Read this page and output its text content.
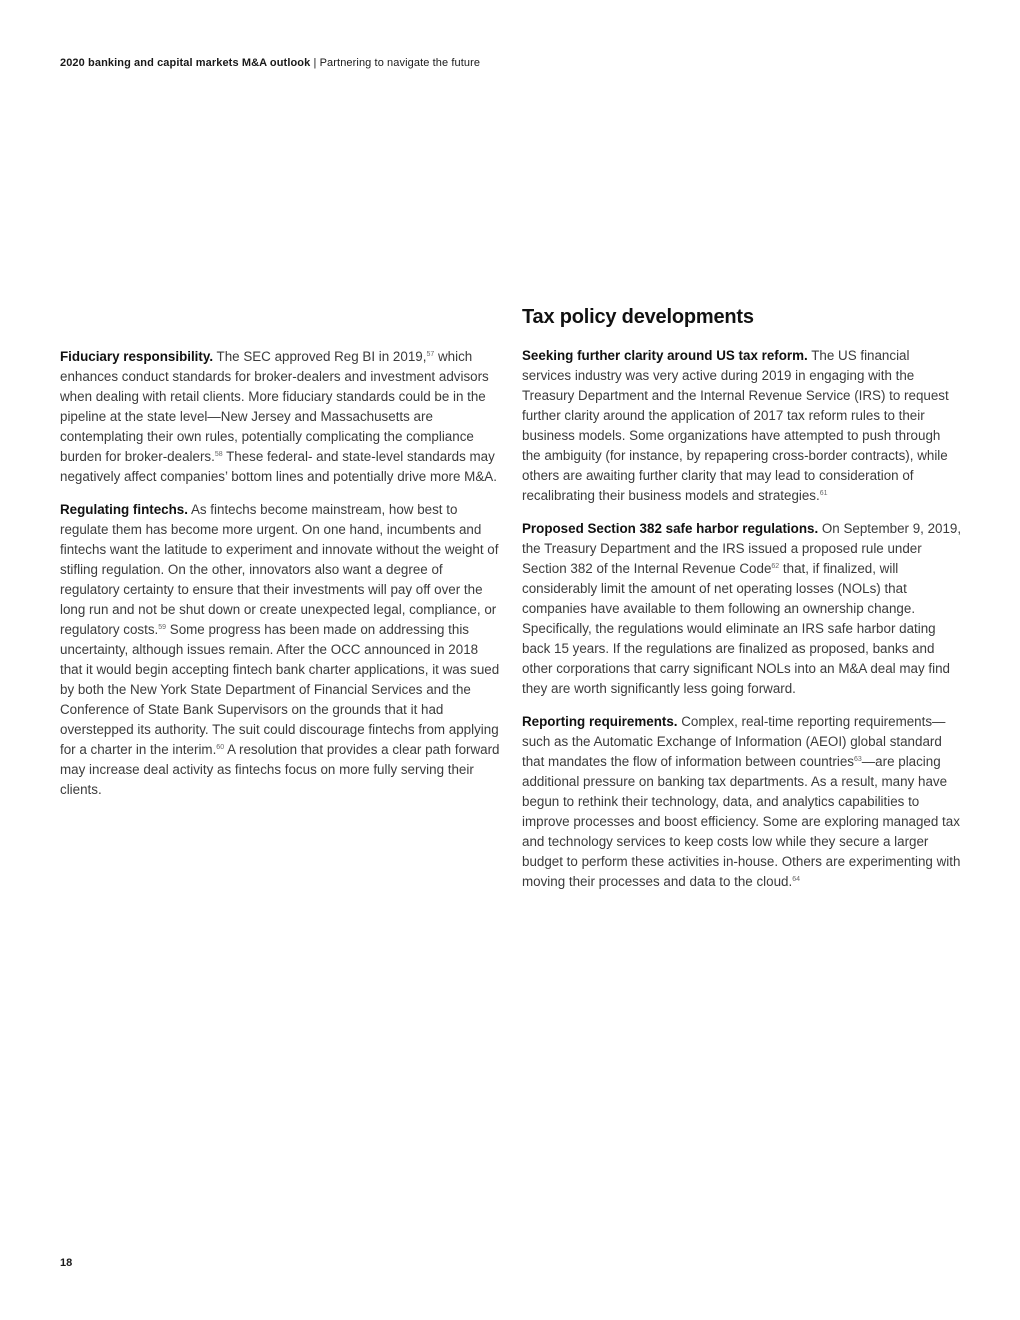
2020 banking and capital markets M&A outlook | Partnering to navigate the future

Fiduciary responsibility. The SEC approved Reg BI in 2019,57 which enhances conduct standards for broker-dealers and investment advisors when dealing with retail clients. More fiduciary standards could be in the pipeline at the state level—New Jersey and Massachusetts are contemplating their own rules, potentially complicating the compliance burden for broker-dealers.$^{58}$ These federal- and state-level standards may negatively affect companies’ bottom lines and potentially drive more M&A.

Regulating fintechs. As fintechs become mainstream, how best to regulate them has become more urgent. On one hand, incumbents and fintechs want the latitude to experiment and innovate without the weight of stifling regulation. On the other, innovators also want a degree of regulatory certainty to ensure that their investments will pay off over the long run and not be shut down or create unexpected legal, compliance, or regulatory costs.$^{59}$ Some progress has been made on addressing this uncertainty, although issues remain. After the OCC announced in 2018 that it would begin accepting fintech bank charter applications, it was sued by both the New York State Department of Financial Services and the Conference of State Bank Supervisors on the grounds that it had overstepped its authority. The suit could discourage fintechs from applying for a charter in the interim.$^{60}$ A resolution that provides a clear path forward may increase deal activity as fintechs focus on more fully serving their clients.

Tax policy developments

Seeking further clarity around US tax reform. The US financial services industry was very active during 2019 in engaging with the Treasury Department and the Internal Revenue Service (IRS) to request further clarity around the application of 2017 tax reform rules to their business models. Some organizations have attempted to push through the ambiguity (for instance, by repapering cross-border contracts), while others are awaiting further clarity that may lead to consideration of recalibrating their business models and strategies.$^{61}$

Proposed Section 382 safe harbor regulations. On September 9, 2019, the Treasury Department and the IRS issued a proposed rule under Section 382 of the Internal Revenue Code$^{62}$ that, if finalized, will considerably limit the amount of net operating losses (NOLs) that companies have available to them following an ownership change. Specifically, the regulations would eliminate an IRS safe harbor dating back 15 years. If the regulations are finalized as proposed, banks and other corporations that carry significant NOLs into an M&A deal may find they are worth significantly less going forward.

Reporting requirements. Complex, real-time reporting requirements—such as the Automatic Exchange of Information (AEOI) global standard that mandates the flow of information between countries$^{63}$—are placing additional pressure on banking tax departments. As a result, many have begun to rethink their technology, data, and analytics capabilities to improve processes and boost efficiency. Some are exploring managed tax and technology services to keep costs low while they secure a larger budget to perform these activities in-house. Others are experimenting with moving their processes and data to the cloud.$^{64}$

18
